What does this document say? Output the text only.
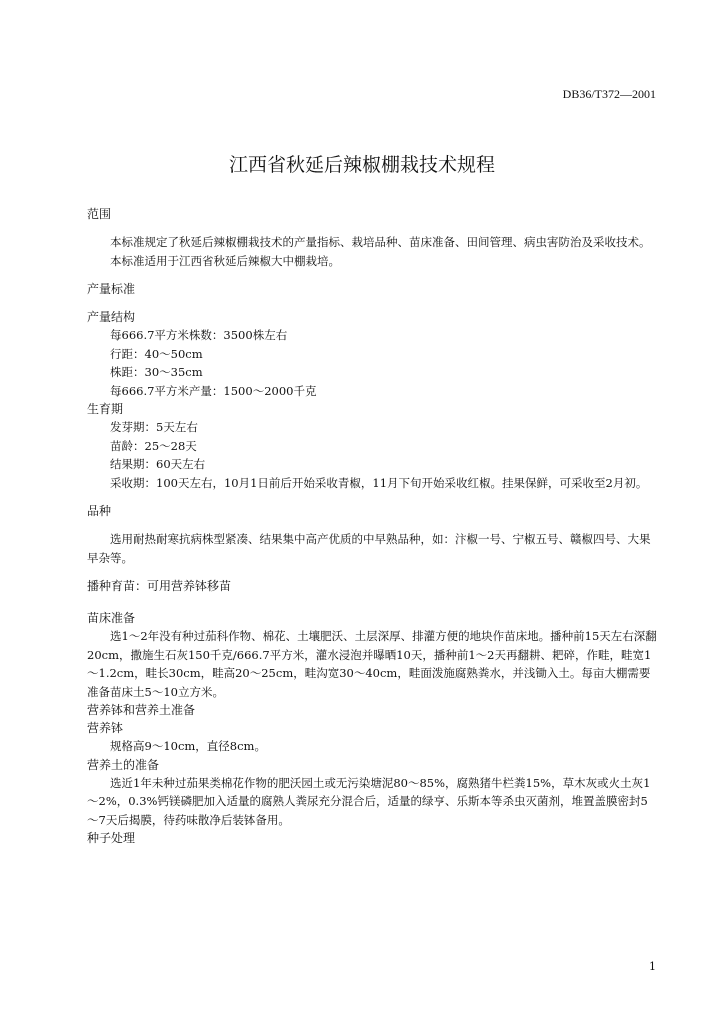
DB36/T372—2001
江西省秋延后辣椒棚栽技术规程

范围

本标准规定了秋延后辣椒棚栽技术的产量指标、栽培品种、苗床准备、田间管理、病虫害防治及采收技术。

本标准适用于江西省秋延后辣椒大中棚栽培。

产量标准

产量结构

每666.7平方米株数：3500株左右

行距：40～50cm

株距：30～35cm

每666.7平方米产量：1500～2000千克

生育期

发芽期：5天左右

苗龄：25～28天

结果期：60天左右

采收期：100天左右，10月1日前后开始采收青椒，11月下旬开始采收红椒。挂果保鲜，可采收至2月初。

品种

选用耐热耐寒抗病株型紧凑、结果集中高产优质的中早熟品种，如：汴椒一号、宁椒五号、赣椒四号、大果早杂等。

播种育苗：可用营养钵移苗

苗床准备

选1～2年没有种过茄科作物、棉花、土壤肥沃、土层深厚、排灌方便的地块作苗床地。播种前15天左右深翻20cm，撒施生石灰150千克/666.7平方米，灌水浸泡并曝晒10天，播种前1～2天再翻耕、耙碎，作畦，畦宽1～1.2cm，畦长30cm，畦高20～25cm，畦沟宽30～40cm，畦面泼施腐熟粪水，并浅锄入土。每亩大棚需要准备苗床土5～10立方米。

营养钵和营养土准备

营养钵

规格高9～10cm，直径8cm。

营养土的准备

选近1年未种过茄果类棉花作物的肥沃园土或无污染塘泥80～85%，腐熟猪牛栏粪15%，草木灰或火土灰1～2%，0.3%钙镁磷肥加入适量的腐熟人粪尿充分混合后，适量的绿亨、乐斯本等杀虫灭菌剂，堆置盖膜密封5～7天后揭膜，待药味散净后装钵备用。

种子处理

1
